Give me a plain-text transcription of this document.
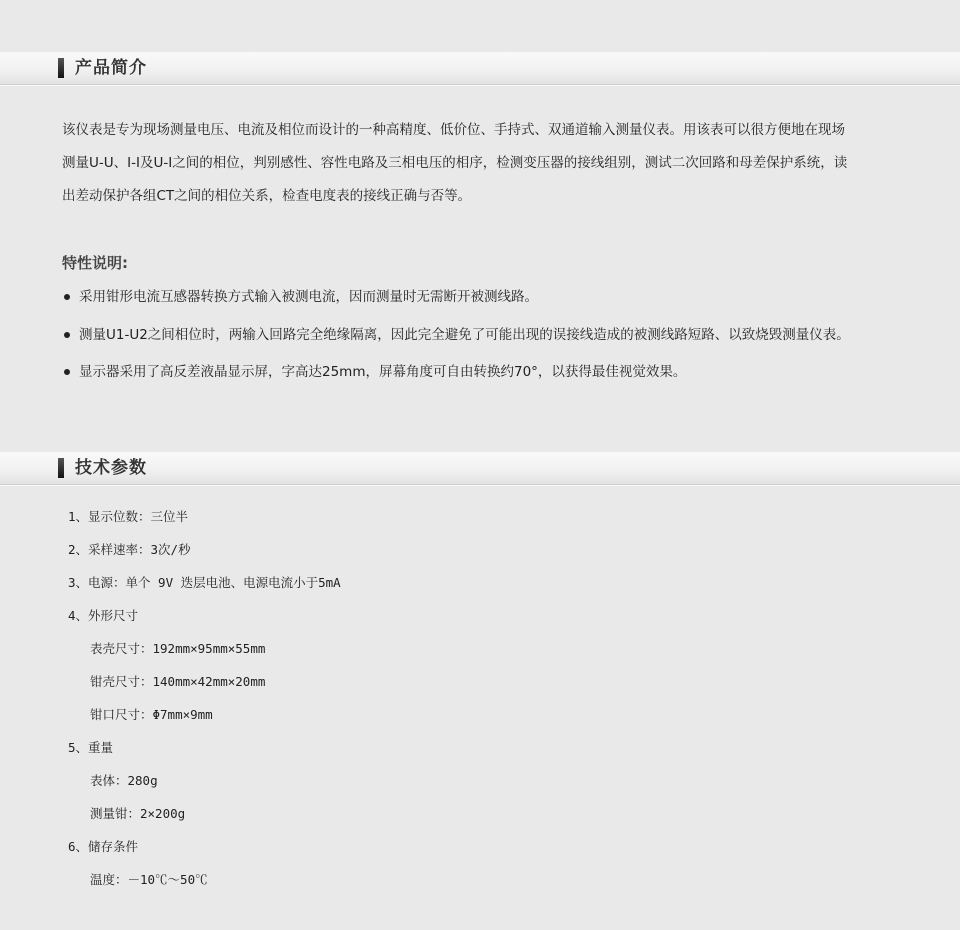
产品简介

该仪表是专为现场测量电压、电流及相位而设计的一种高精度、低价位、手持式、双通道输入测量仪表。用该表可以很方便地在现场

测量U-U、I-I及U-I之间的相位，判别感性、容性电路及三相电压的相序，检测变压器的接线组别，测试二次回路和母差保护系统，读

出差动保护各组CT之间的相位关系，检查电度表的接线正确与否等。

特性说明:
采用钳形电流互感器转换方式输入被测电流，因而测量时无需断开被测线路。
测量U1-U2之间相位时，两输入回路完全绝缘隔离，因此完全避免了可能出现的误接线造成的被测线路短路、以致烧毁测量仪表。
显示器采用了高反差液晶显示屏，字高达25mm，屏幕角度可自由转换约70°，以获得最佳视觉效果。
技术参数
1、显示位数：三位半
2、采样速率：3次/秒
3、电源：单个 9V 迭层电池、电源电流小于5mA
4、外形尺寸
表壳尺寸：192mm×95mm×55mm
钳壳尺寸：140mm×42mm×20mm
钳口尺寸：Φ7mm×9mm
5、重量
表体：280g
测量钳：2×200g
6、储存条件
温度：－10℃～50℃
